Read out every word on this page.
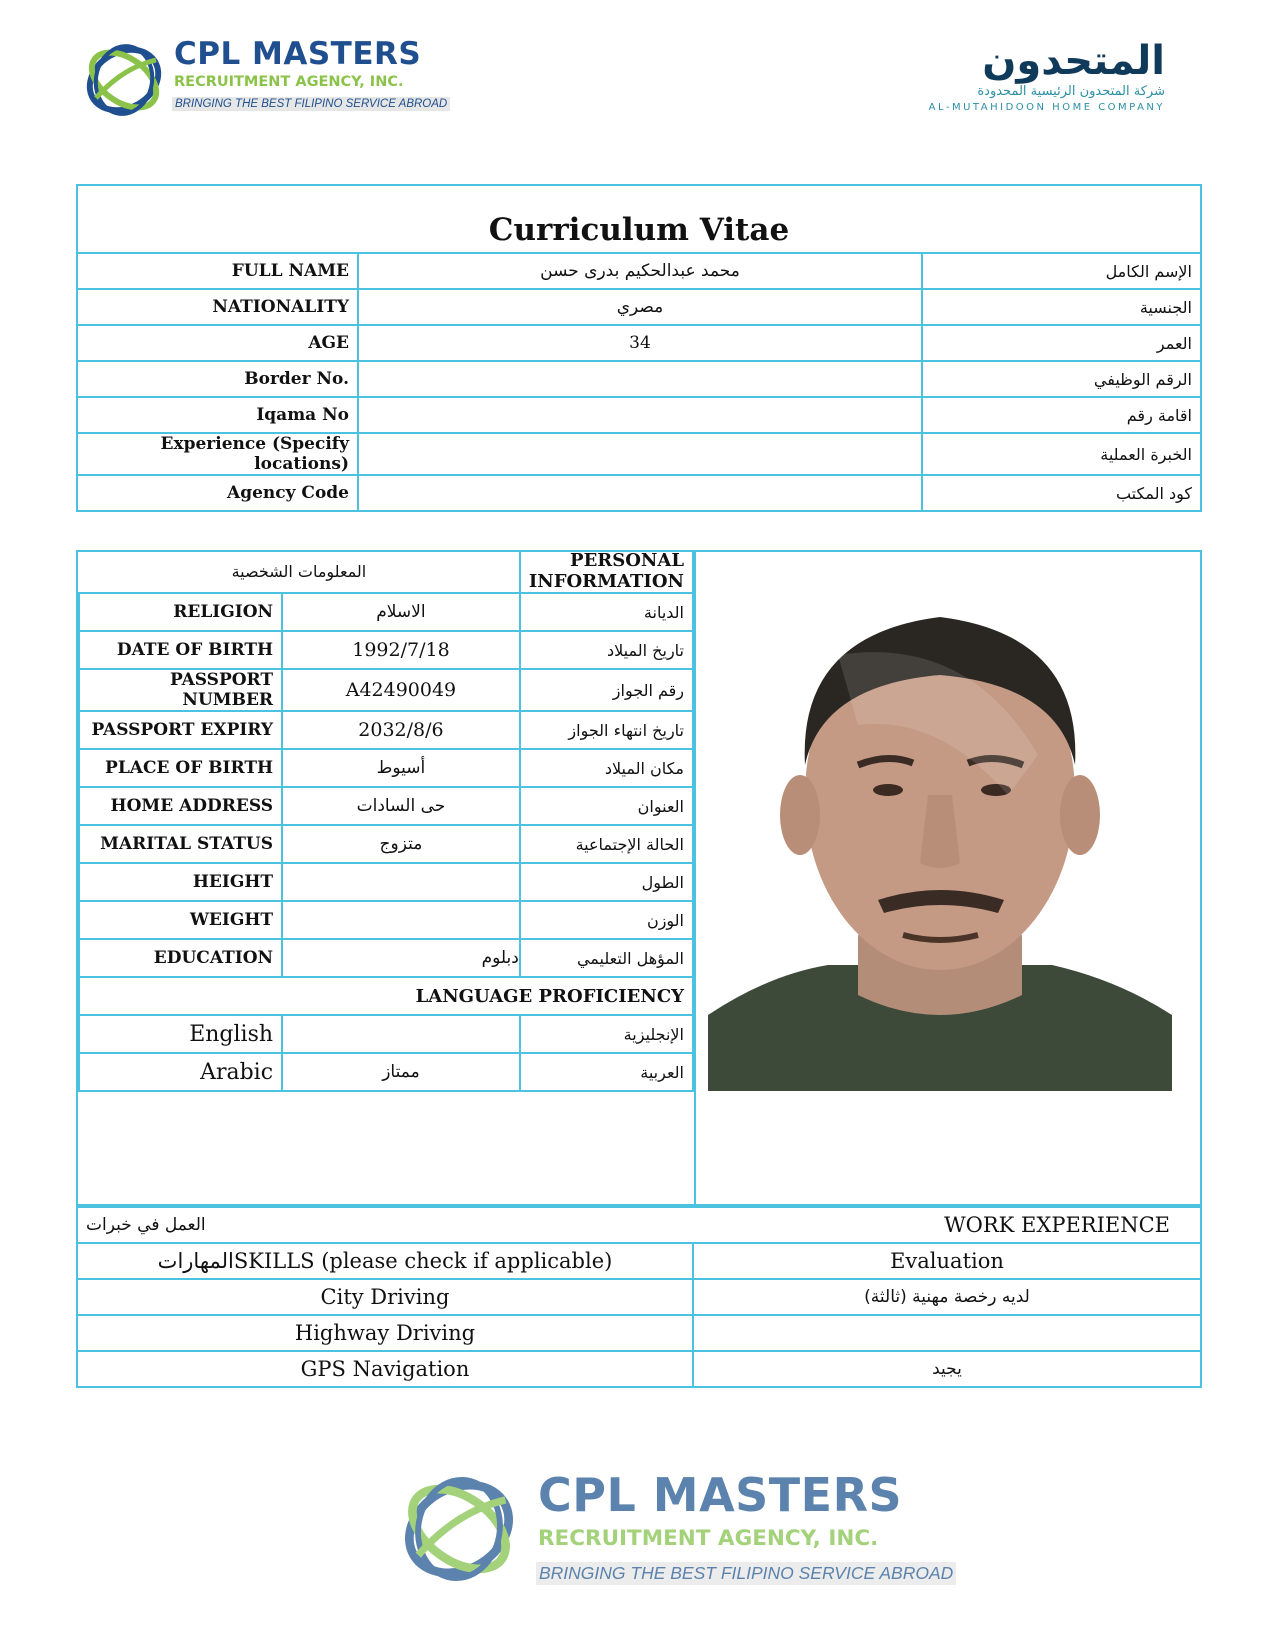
CPL MASTERS
RECRUITMENT AGENCY, INC.
BRINGING THE BEST FILIPINO SERVICE ABROAD
المتحدون
شركة المتحدون الرئيسية المحدودة
AL-MUTAHIDOON HOME COMPANY
Curriculum Vitae		
FULL NAME	محمد عبدالحكيم بدرى حسن	الإسم الكامل
NATIONALITY	مصري	الجنسية
AGE	34	العمر
Border No.		الرقم الوظيفي
Iqama No		اقامة رقم
Experience (Specify locations)		الخبرة العملية
Agency Code		كود المكتب
المعلومات الشخصية		PERSONAL INFORMATION
RELIGION	الاسلام	الديانة
DATE OF BIRTH	1992/7/18	تاريخ الميلاد
PASSPORT NUMBER	A42490049	رقم الجواز
PASSPORT EXPIRY	2032/8/6	تاريخ انتهاء الجواز
PLACE OF BIRTH	أسيوط	مكان الميلاد
HOME ADDRESS	حى السادات	العنوان
MARITAL STATUS	متزوج	الحالة الإجتماعية
HEIGHT		الطول
WEIGHT		الوزن
EDUCATION	دبلوم	المؤهل التعليمي
LANGUAGE PROFICIENCY		
English		الإنجليزية
Arabic	ممتاز	العربية
العمل في خبرات	WORK EXPERIENCE
المهاراتSKILLS (please check if applicable)	Evaluation
City Driving	لديه رخصة مهنية (ثالثة)
Highway Driving	
GPS Navigation	يجيد
CPL MASTERS
RECRUITMENT AGENCY, INC.
BRINGING THE BEST FILIPINO SERVICE ABROAD
